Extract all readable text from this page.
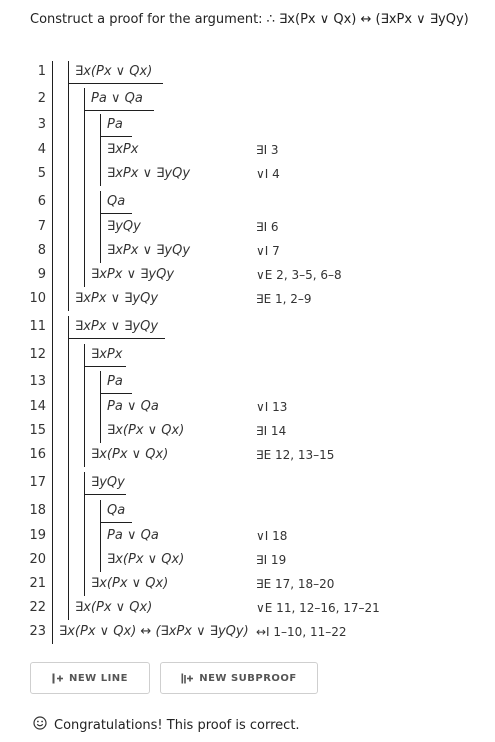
Construct a proof for the argument: ∴ ∃x(Px ∨ Qx) ↔ (∃xPx ∨ ∃yQy)
1 ∃x(Px ∨ Qx)
2	Pa ∨ Qa
3	Pa
4	∃xPx	∃I 3
5	∃xPx ∨ ∃yQy	∨I 4
6	Qa
7	∃yQy	∃I 6
8	∃xPx ∨ ∃yQy	∨I 7
9	∃xPx ∨ ∃yQy	∨E 2, 3–5, 6–8
10 ∃xPx ∨ ∃yQy	∃E 1, 2–9
11 ∃xPx ∨ ∃yQy
12	∃xPx
13	Pa
14	Pa ∨ Qa	∨I 13
15	∃x(Px ∨ Qx)	∃I 14
16	∃x(Px ∨ Qx)	∃E 12, 13–15
17	∃yQy
18	Qa
19	Pa ∨ Qa	∨I 18
20	∃x(Px ∨ Qx)	∃I 19
21	∃x(Px ∨ Qx)	∃E 17, 18–20
22 ∃x(Px ∨ Qx)	∨E 11, 12–16, 17–21
23 ∃x(Px ∨ Qx) ↔ (∃xPx ∨ ∃yQy) ↔I 1–10, 11–22
NEW LINE	NEW SUBPROOF
Congratulations! This proof is correct.
